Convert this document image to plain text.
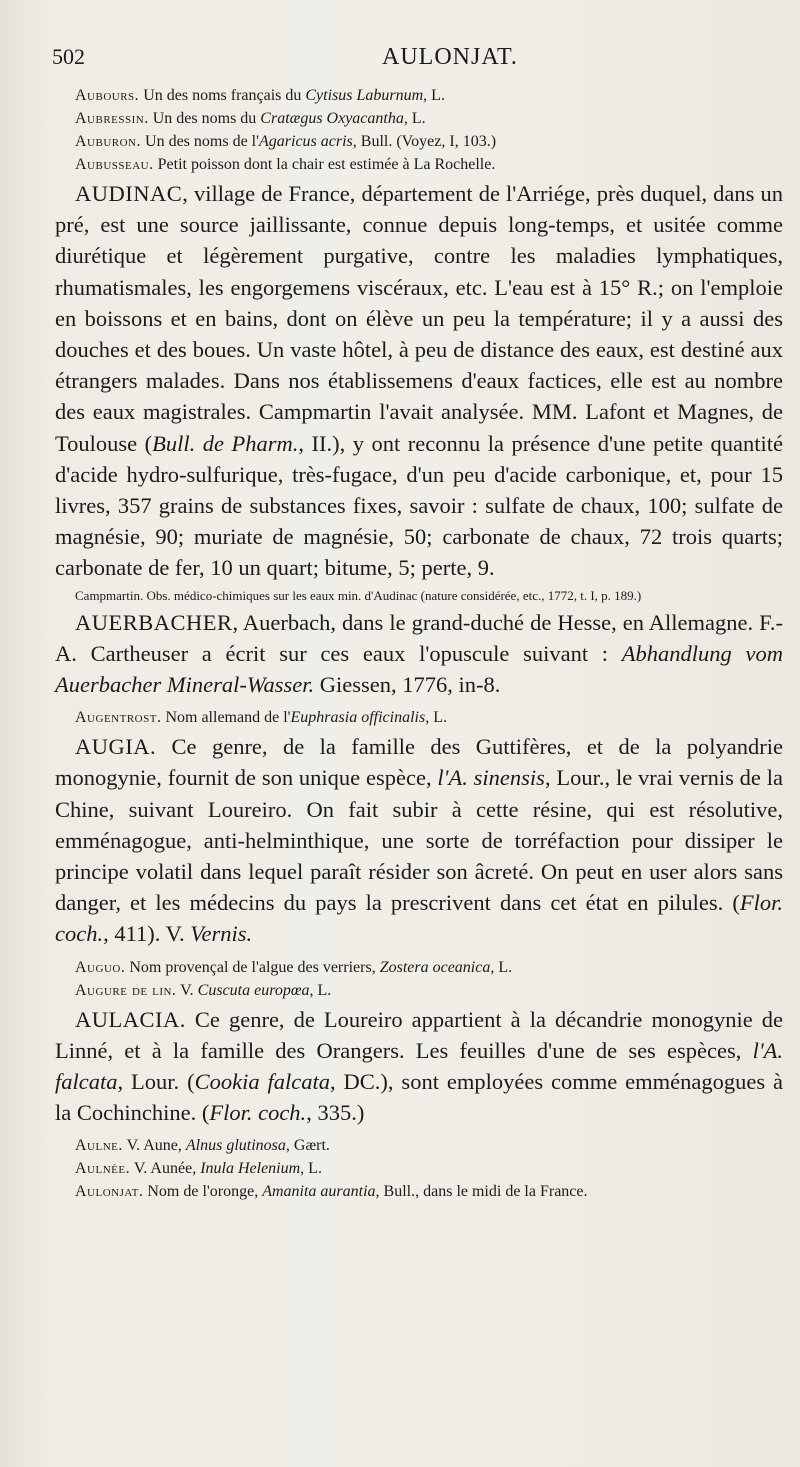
502	AULONJAT.

Aubours. Un des noms français du Cytisus Laburnum, L.

Aubressin. Un des noms du Cratægus Oxyacantha, L.

Auburon. Un des noms de l'Agaricus acris, Bull. (Voyez, I, 103.)

Aubusseau. Petit poisson dont la chair est estimée à La Rochelle.

AUDINAC, village de France, département de l'Arriége, près duquel, dans un pré, est une source jaillissante, connue depuis long-temps, et usitée comme diurétique et légèrement purgative, contre les maladies lymphatiques, rhumatismales, les engorgemens viscéraux, etc. L'eau est à 15° R.; on l'emploie en boissons et en bains, dont on élève un peu la température; il y a aussi des douches et des boues. Un vaste hôtel, à peu de distance des eaux, est destiné aux étrangers malades. Dans nos établissemens d'eaux factices, elle est au nombre des eaux magistrales. Campmartin l'avait analysée. MM. Lafont et Magnes, de Toulouse (Bull. de Pharm., II.), y ont reconnu la présence d'une petite quantité d'acide hydro-sulfurique, très-fugace, d'un peu d'acide carbonique, et, pour 15 livres, 357 grains de substances fixes, savoir : sulfate de chaux, 100; sulfate de magnésie, 90; muriate de magnésie, 50; carbonate de chaux, 72 trois quarts; carbonate de fer, 10 un quart; bitume, 5; perte, 9.

Campmartin. Obs. médico-chimiques sur les eaux min. d'Audinac (nature considérée, etc., 1772, t. I, p. 189.)

AUERBACHER, Auerbach, dans le grand-duché de Hesse, en Allemagne. F.-A. Cartheuser a écrit sur ces eaux l'opuscule suivant : Abhandlung vom Auerbacher Mineral-Wasser. Giessen, 1776, in-8.

Augentrost. Nom allemand de l'Euphrasia officinalis, L.

AUGIA. Ce genre, de la famille des Guttifères, et de la polyandrie monogynie, fournit de son unique espèce, l'A. sinensis, Lour., le vrai vernis de la Chine, suivant Loureiro. On fait subir à cette résine, qui est résolutive, emménagogue, anti-helminthique, une sorte de torréfaction pour dissiper le principe volatil dans lequel paraît résider son âcreté. On peut en user alors sans danger, et les médecins du pays la prescrivent dans cet état en pilules. (Flor. coch., 411). V. Vernis.

Auguo. Nom provençal de l'algue des verriers, Zostera oceanica, L.

Augure de lin. V. Cuscuta europœa, L.

AULACIA. Ce genre, de Loureiro appartient à la décandrie monogynie de Linné, et à la famille des Orangers. Les feuilles d'une de ses espèces, l'A. falcata, Lour. (Cookia falcata, DC.), sont employées comme emménagogues à la Cochinchine. (Flor. coch., 335.)

Aulne. V. Aune, Alnus glutinosa, Gært.

Aulnée. V. Aunée, Inula Helenium, L.

Aulonjat. Nom de l'oronge, Amanita aurantia, Bull., dans le midi de la France.
